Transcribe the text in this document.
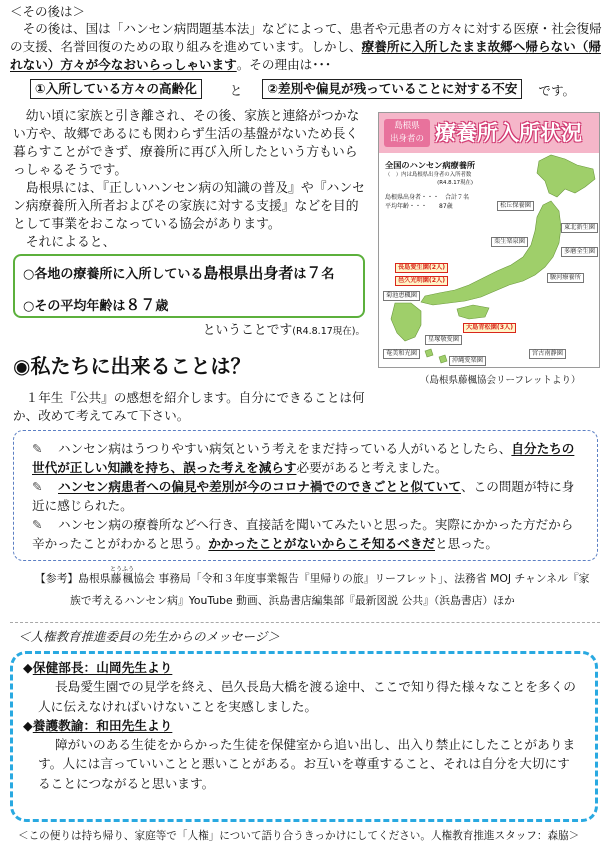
＜その後は＞

その後は、国は「ハンセン病問題基本法」などによって、患者や元患者の方々に対する医療・社会復帰の支援、名誉回復のための取り組みを進めています。しかし、療養所に入所したまま故郷へ帰らない（帰れない）方々が今なおいらっしゃいます。その理由は･･･

①入所している方々の高齢化	と	②差別や偏見が残っていることに対する不安	です。

幼い頃に家族と引き離され、その後、家族と連絡がつかない方や、故郷であるにも関わらず生活の基盤がないため長く暮らすことができず、療養所に再び入所したという方もいらっしゃるそうです。

島根県には、『正しいハンセン病の知識の普及』や『ハンセン病療養所入所者およびその家族に対する支援』などを目的として事業をおこなっている協会があります。

それによると、

○各地の療養所に入所している島根県出身者は７名
○その平均年齢は８７歳
ということです(R4.8.17現在)。
島根県
出身者の 療養所入所状況
全国のハンセン病療養所
（　）内は島根県出身者の入所者数
(R4.8.17現在)
島根県出身者・・・　合計７名
平均年齢・・・　　87歳	松丘保養園
東北新生園
栗生楽泉園
多磨全生園
駿河療養所
長島愛生園(2人)
邑久光明園(2人)
菊池恵楓園
大島青松園(3人)
星塚敬愛園
奄美和光園
沖縄愛楽園
宮古南静園
（島根県藤楓協会リーフレットより）
◉私たちに出来ることは？

１年生『公共』の感想を紹介します。自分にできることは何か、改めて考えてみて下さい。

✎ハンセン病はうつりやすい病気という考えをまだ持っている人がいるとしたら、自分たちの世代が正しい知識を持ち、誤った考えを減らす必要があると考えました。

✎ハンセン病患者への偏見や差別が今のコロナ禍でのできごとと似ていて、この問題が特に身近に感じられた。

✎ハンセン病の療養所などへ行き、直接話を聞いてみたいと思った。実際にかかった方だから辛かったことがわかると思う。かかったことがないからこそ知るべきだと思った。

【参考】島根県藤楓とうふう協会 事務局「令和３年度事業報告『里帰りの旅』リーフレット」、法務省 MOJ チャンネル『家族で考えるハンセン病』YouTube 動画、浜島書店編集部『最新図説 公共』（浜島書店）ほか

＜人権教育推進委員の先生からのメッセージ＞
◆保健部長：山岡先生より

長島愛生園での見学を終え、邑久長島大橋を渡る途中、ここで知り得た様々なことを多くの人に伝えなければいけないことを実感しました。

◆養護教諭：和田先生より

障がいのある生徒をからかった生徒を保健室から追い出し、出入り禁止にしたことがあります。人には言っていいことと悪いことがある。お互いを尊重すること、それは自分を大切にすることにつながると思います。

＜この便りは持ち帰り、家庭等で「人権」について語り合うきっかけにしてください。人権教育推進スタッフ：森脇＞
